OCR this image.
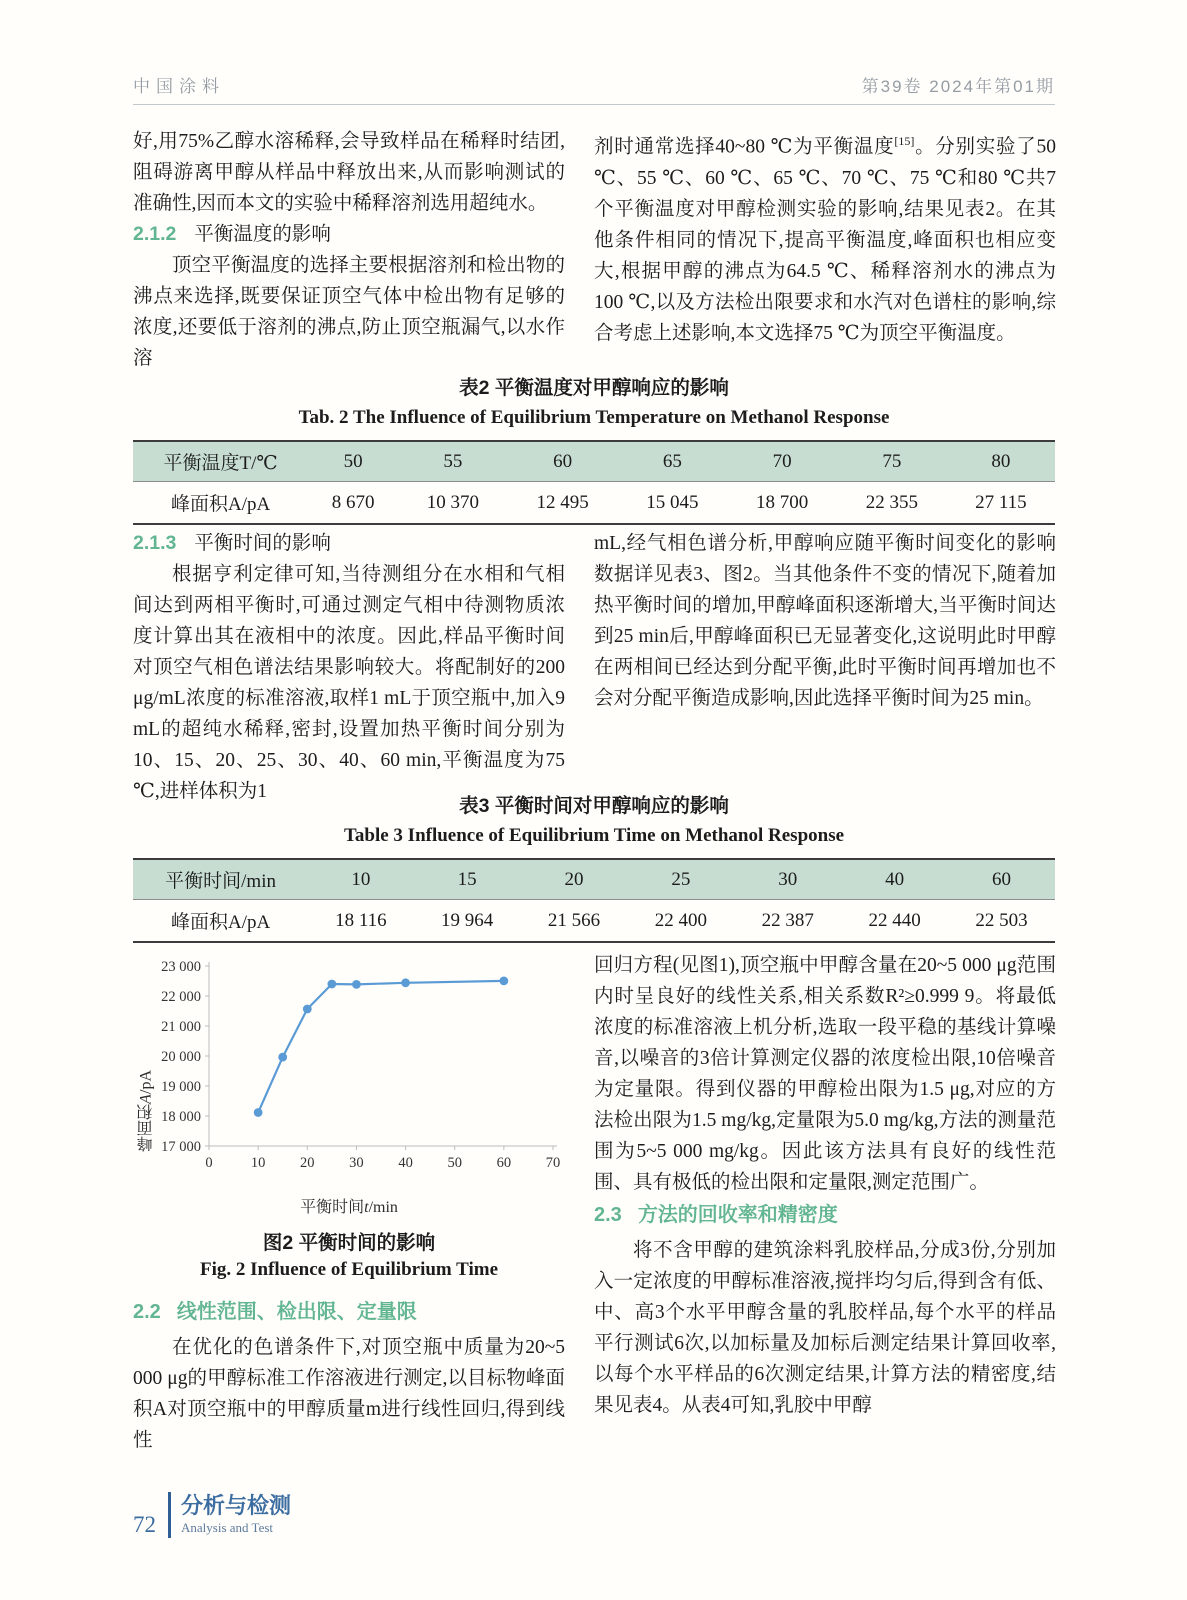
中国涂料	第39卷 2024年第01期

好,用75%乙醇水溶稀释,会导致样品在稀释时结团,阻碍游离甲醇从样品中释放出来,从而影响测试的准确性,因而本文的实验中稀释溶剂选用超纯水。

2.1.2 平衡温度的影响

顶空平衡温度的选择主要根据溶剂和检出物的沸点来选择,既要保证顶空气体中检出物有足够的浓度,还要低于溶剂的沸点,防止顶空瓶漏气,以水作溶

剂时通常选择40~80 ℃为平衡温度[15]。分别实验了50 ℃、55 ℃、60 ℃、65 ℃、70 ℃、75 ℃和80 ℃共7个平衡温度对甲醇检测实验的影响,结果见表2。在其他条件相同的情况下,提高平衡温度,峰面积也相应变大,根据甲醇的沸点为64.5 ℃、稀释溶剂水的沸点为100 ℃,以及方法检出限要求和水汽对色谱柱的影响,综合考虑上述影响,本文选择75 ℃为顶空平衡温度。

表2 平衡温度对甲醇响应的影响

Tab. 2 The Influence of Equilibrium Temperature on Methanol Response

平衡温度T/℃	50	55	60	65	70	75	80
峰面积A/pA	8 670	10 370	12 495	15 045	18 700	22 355	27 115

2.1.3 平衡时间的影响

根据亨利定律可知,当待测组分在水相和气相间达到两相平衡时,可通过测定气相中待测物质浓度计算出其在液相中的浓度。因此,样品平衡时间对顶空气相色谱法结果影响较大。将配制好的200 μg/mL浓度的标准溶液,取样1 mL于顶空瓶中,加入9 mL的超纯水稀释,密封,设置加热平衡时间分别为10、15、20、25、30、40、60 min,平衡温度为75 ℃,进样体积为1

mL,经气相色谱分析,甲醇响应随平衡时间变化的影响数据详见表3、图2。当其他条件不变的情况下,随着加热平衡时间的增加,甲醇峰面积逐渐增大,当平衡时间达到25 min后,甲醇峰面积已无显著变化,这说明此时甲醇在两相间已经达到分配平衡,此时平衡时间再增加也不会对分配平衡造成影响,因此选择平衡时间为25 min。

表3 平衡时间对甲醇响应的影响

Table 3 Influence of Equilibrium Time on Methanol Response

平衡时间/min	10	15	20	25	30	40	60
峰面积A/pA	18 116	19 964	21 566	22 400	22 387	22 440	22 503
17 000
18 000
19 000
20 000
21 000
22 000
23 000
0	10 20 30 40 50 60 70
峰面积
A
/pA
平衡时间t/min

图2 平衡时间的影响

Fig. 2 Influence of Equilibrium Time

2.2 线性范围、检出限、定量限

在优化的色谱条件下,对顶空瓶中质量为20~5 000 μg的甲醇标准工作溶液进行测定,以目标物峰面积A对顶空瓶中的甲醇质量m进行线性回归,得到线性

回归方程(见图1),顶空瓶中甲醇含量在20~5 000 μg范围内时呈良好的线性关系,相关系数R²≥0.999 9。将最低浓度的标准溶液上机分析,选取一段平稳的基线计算噪音,以噪音的3倍计算测定仪器的浓度检出限,10倍噪音为定量限。得到仪器的甲醇检出限为1.5 μg,对应的方法检出限为1.5 mg/kg,定量限为5.0 mg/kg,方法的测量范围为5~5 000 mg/kg。因此该方法具有良好的线性范围、具有极低的检出限和定量限,测定范围广。

2.3 方法的回收率和精密度

将不含甲醇的建筑涂料乳胶样品,分成3份,分别加入一定浓度的甲醇标准溶液,搅拌均匀后,得到含有低、中、高3个水平甲醇含量的乳胶样品,每个水平的样品平行测试6次,以加标量及加标后测定结果计算回收率,以每个水平样品的6次测定结果,计算方法的精密度,结果见表4。从表4可知,乳胶中甲醇

72
分析与检测
Analysis and Test
